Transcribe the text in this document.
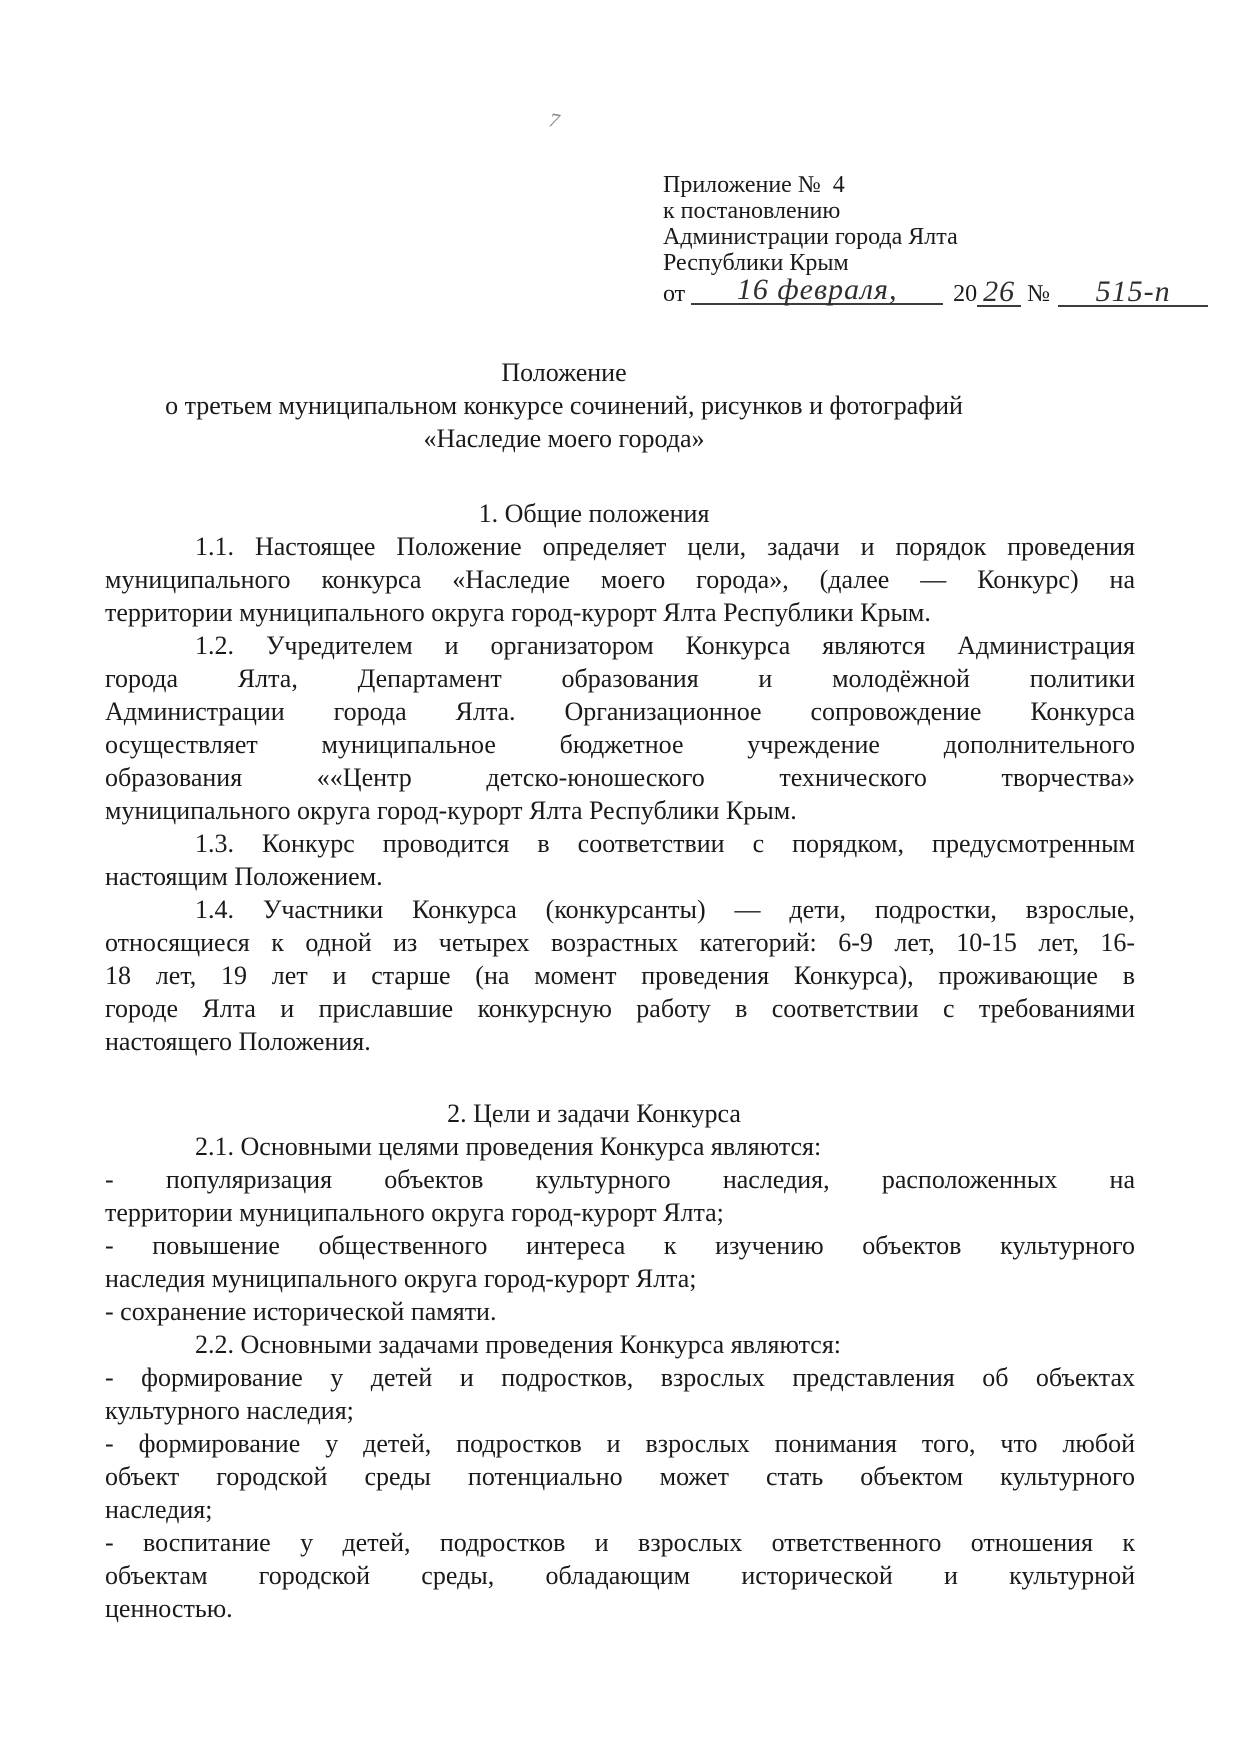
7
Приложение №  4
к постановлению
Администрации города Ялта
Республики Крым
от	16 февраля,	20 26 №	515-п
Положение
о третьем муниципальном конкурсе сочинений, рисунков и фотографий
«Наследие моего города»
1. Общие положения
1.1. Настоящее Положение определяет цели, задачи и порядок проведения
муниципального конкурса «Наследие моего города», (далее — Конкурс) на
территории муниципального округа город-курорт Ялта Республики Крым.
1.2. Учредителем и организатором Конкурса являются Администрация
города Ялта, Департамент образования и молодёжной политики
Администрации города Ялта. Организационное сопровождение Конкурса
осуществляет муниципальное бюджетное учреждение дополнительного
образования ««Центр детско-юношеского технического творчества»
муниципального округа город-курорт Ялта Республики Крым.
1.3. Конкурс проводится в соответствии с порядком, предусмотренным
настоящим Положением.
1.4. Участники Конкурса (конкурсанты) — дети, подростки, взрослые,
относящиеся к одной из четырех возрастных категорий: 6-9 лет, 10-15 лет, 16-
18 лет, 19 лет и старше (на момент проведения Конкурса), проживающие в
городе Ялта и приславшие конкурсную работу в соответствии с требованиями
настоящего Положения.
2. Цели и задачи Конкурса
2.1. Основными целями проведения Конкурса являются:
- популяризация объектов культурного наследия, расположенных на
территории муниципального округа город-курорт Ялта;
- повышение общественного интереса к изучению объектов культурного
наследия муниципального округа город-курорт Ялта;
- сохранение исторической памяти.
2.2. Основными задачами проведения Конкурса являются:
- формирование у детей и подростков, взрослых представления об объектах
культурного наследия;
- формирование у детей, подростков и взрослых понимания того, что любой
объект городской среды потенциально может стать объектом культурного
наследия;
- воспитание у детей, подростков и взрослых ответственного отношения к
объектам городской среды, обладающим исторической и культурной
ценностью.
